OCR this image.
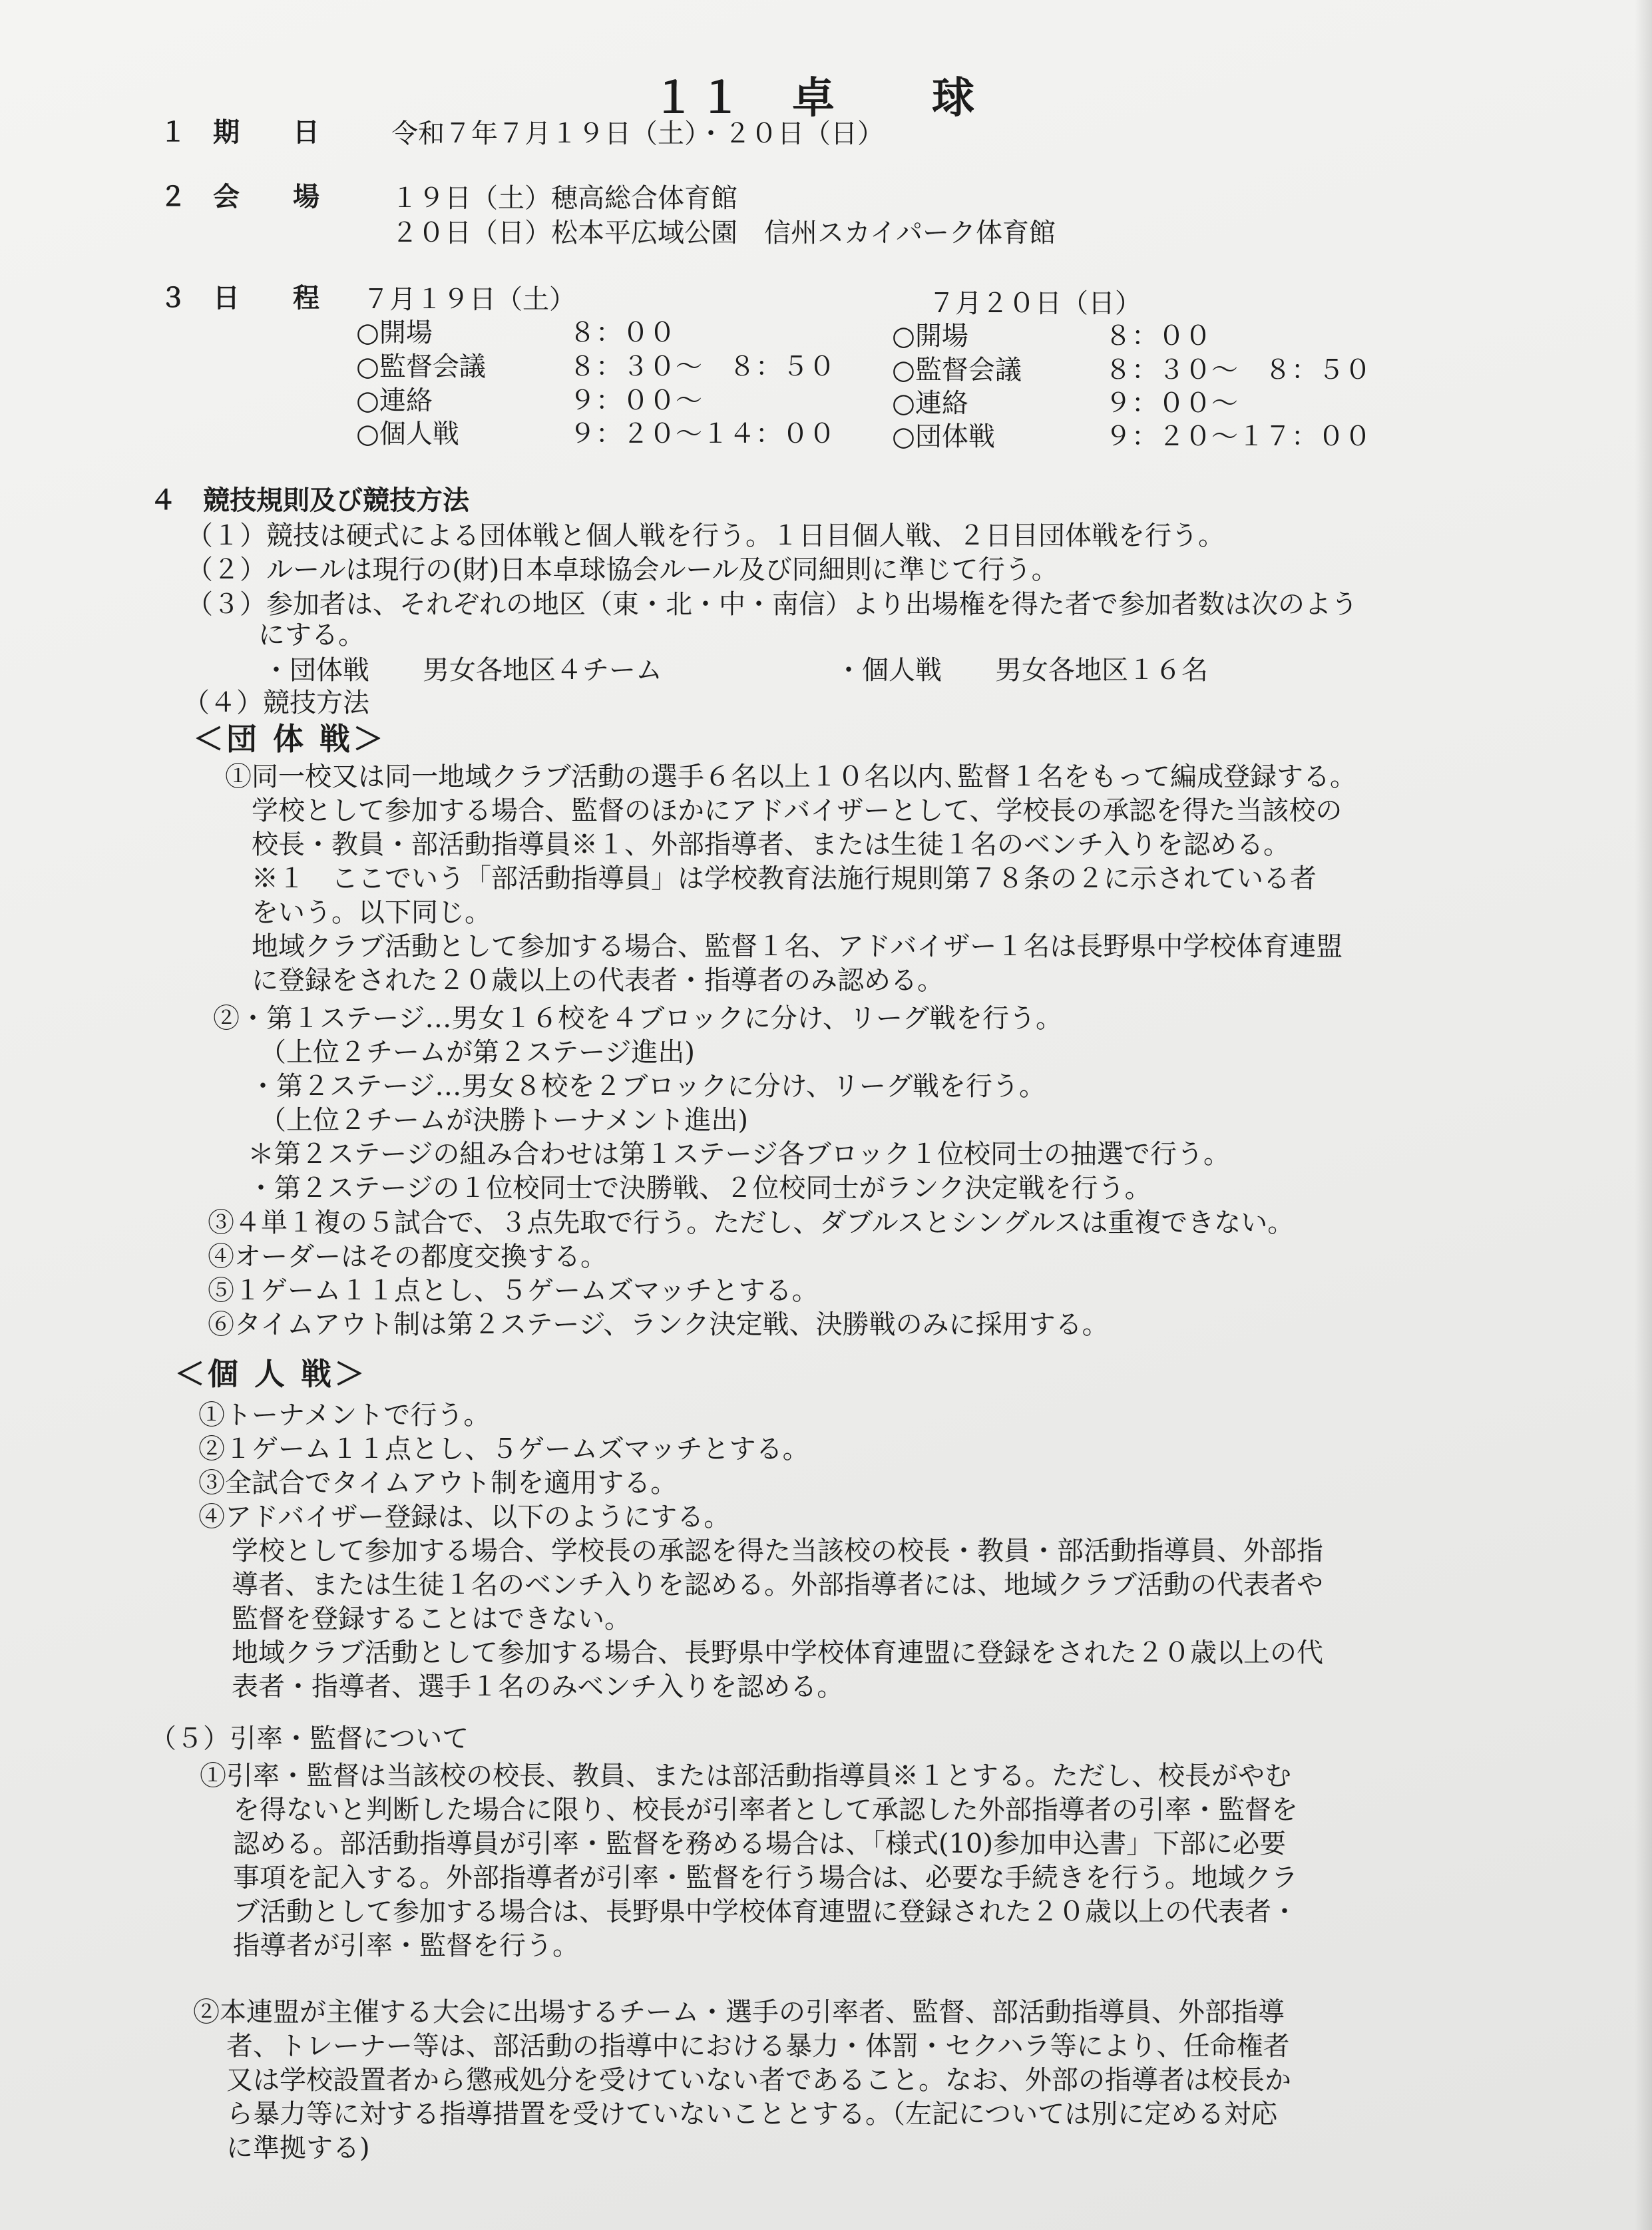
１１　卓　　球
１ 期　　日	令和７年７月１９日（土）・２０日（日）
２ 会　　場	１９日（土）穂高総合体育館
２０日（日）松本平広域公園　信州スカイパーク体育館
３ 日　　程 ７月１９日（土）
○開場	８：００
○監督会議	８：３０〜　８：５０
○連絡	９：００〜
○個人戦	９：２０〜１４：００
７月２０日（日）
○開場	８：００
○監督会議	８：３０〜　８：５０
○連絡	９：００〜
○団体戦	９：２０〜１７：００
４　競技規則及び競技方法
（１）競技は硬式による団体戦と個人戦を行う。１日目個人戦、２日目団体戦を行う。
（２）ルールは現行の(財)日本卓球協会ルール及び同細則に準じて行う。
（３）参加者は、それぞれの地区（東・北・中・南信）より出場権を得た者で参加者数は次のよう
にする。
・団体戦　　男女各地区４チーム	・個人戦　　男女各地区１６名
（４）競技方法
＜団 体 戦＞
①同一校又は同一地域クラブ活動の選手６名以上１０名以内､監督１名をもって編成登録する。
学校として参加する場合、監督のほかにアドバイザーとして、学校長の承認を得た当該校の
校長・教員・部活動指導員※１、外部指導者、または生徒１名のベンチ入りを認める。
※１　ここでいう「部活動指導員」は学校教育法施行規則第７８条の２に示されている者
をいう。以下同じ。
地域クラブ活動として参加する場合、監督１名、アドバイザー１名は長野県中学校体育連盟
に登録をされた２０歳以上の代表者・指導者のみ認める。
②・第１ステージ…男女１６校を４ブロックに分け、リーグ戦を行う。
（上位２チームが第２ステージ進出)
・第２ステージ…男女８校を２ブロックに分け、リーグ戦を行う。
（上位２チームが決勝トーナメント進出)
＊第２ステージの組み合わせは第１ステージ各ブロック１位校同士の抽選で行う。
・第２ステージの１位校同士で決勝戦、２位校同士がランク決定戦を行う。
③４単１複の５試合で、３点先取で行う。ただし、ダブルスとシングルスは重複できない。
④オーダーはその都度交換する。
⑤１ゲーム１１点とし、５ゲームズマッチとする。
⑥タイムアウト制は第２ステージ、ランク決定戦、決勝戦のみに採用する。
＜個 人 戦＞
①トーナメントで行う。
②１ゲーム１１点とし、５ゲームズマッチとする。
③全試合でタイムアウト制を適用する。
④アドバイザー登録は、以下のようにする。
学校として参加する場合、学校長の承認を得た当該校の校長・教員・部活動指導員、外部指
導者、または生徒１名のベンチ入りを認める。外部指導者には、地域クラブ活動の代表者や
監督を登録することはできない。
地域クラブ活動として参加する場合、長野県中学校体育連盟に登録をされた２０歳以上の代
表者・指導者、選手１名のみベンチ入りを認める。
（５）引率・監督について
①引率・監督は当該校の校長、教員、または部活動指導員※１とする。ただし、校長がやむ
を得ないと判断した場合に限り、校長が引率者として承認した外部指導者の引率・監督を
認める。部活動指導員が引率・監督を務める場合は、「様式(10)参加申込書」下部に必要
事項を記入する。外部指導者が引率・監督を行う場合は、必要な手続きを行う。地域クラ
ブ活動として参加する場合は、長野県中学校体育連盟に登録された２０歳以上の代表者・
指導者が引率・監督を行う。
②本連盟が主催する大会に出場するチーム・選手の引率者、監督、部活動指導員、外部指導
者、トレーナー等は、部活動の指導中における暴力・体罰・セクハラ等により、任命権者
又は学校設置者から懲戒処分を受けていない者であること。なお、外部の指導者は校長か
ら暴力等に対する指導措置を受けていないこととする。（左記については別に定める対応
に準拠する)
